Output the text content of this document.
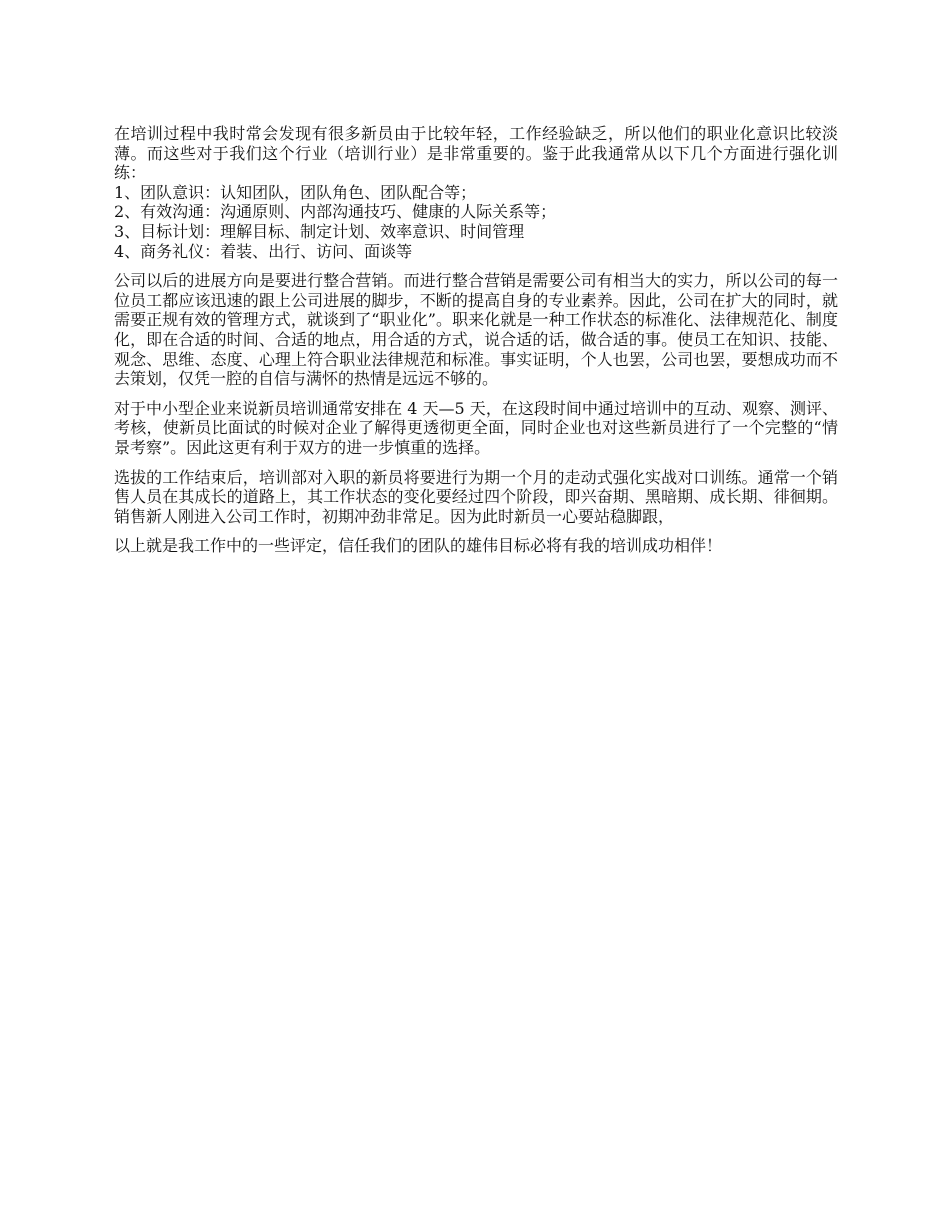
在培训过程中我时常会发现有很多新员由于比较年轻，工作经验缺乏，所以他们的职业化意识比较淡薄。而这些对于我们这个行业（培训行业）是非常重要的。鉴于此我通常从以下几个方面进行强化训练：

1、团队意识：认知团队，团队角色、团队配合等；

2、有效沟通：沟通原则、内部沟通技巧、健康的人际关系等；

3、目标计划：理解目标、制定计划、效率意识、时间管理

4、商务礼仪：着装、出行、访问、面谈等

公司以后的进展方向是要进行整合营销。而进行整合营销是需要公司有相当大的实力，所以公司的每一位员工都应该迅速的跟上公司进展的脚步，不断的提高自身的专业素养。因此，公司在扩大的同时，就需要正规有效的管理方式，就谈到了“职业化”。职来化就是一种工作状态的标准化、法律规范化、制度化，即在合适的时间、合适的地点，用合适的方式，说合适的话，做合适的事。使员工在知识、技能、观念、思维、态度、心理上符合职业法律规范和标准。事实证明，个人也罢，公司也罢，要想成功而不去策划，仅凭一腔的自信与满怀的热情是远远不够的。

对于中小型企业来说新员培训通常安排在 4 天—5 天，在这段时间中通过培训中的互动、观察、测评、考核，使新员比面试的时候对企业了解得更透彻更全面，同时企业也对这些新员进行了一个完整的“情景考察”。因此这更有利于双方的进一步慎重的选择。

选拔的工作结束后，培训部对入职的新员将要进行为期一个月的走动式强化实战对口训练。通常一个销售人员在其成长的道路上，其工作状态的变化要经过四个阶段，即兴奋期、黑暗期、成长期、徘徊期。销售新人刚进入公司工作时，初期冲劲非常足。因为此时新员一心要站稳脚跟，

以上就是我工作中的一些评定，信任我们的团队的雄伟目标必将有我的培训成功相伴！
